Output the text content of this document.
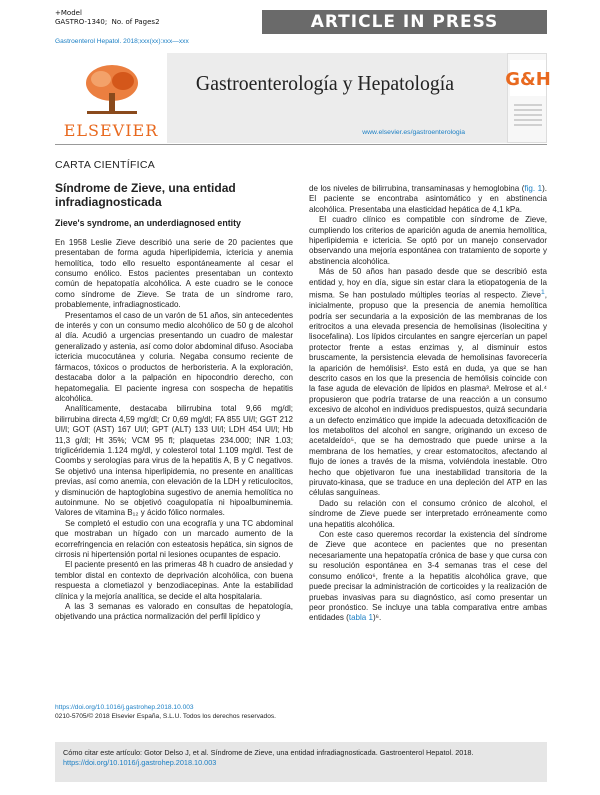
+Model
GASTRO-1340; No. of Pages2	ARTICLE IN PRESS
Gastroenterol Hepatol. 2018;xxx(xx):xxx—xxx
ELSEVIER
Gastroenterología y Hepatología
www.elsevier.es/gastroenterologia
G&H
CARTA CIENTÍFICA
Síndrome de Zieve, una entidad infradiagnosticada
Zieve's syndrome, an underdiagnosed entity

En 1958 Leslie Zieve describió una serie de 20 pacientes que presentaban de forma aguda hiperlipidemia, ictericia y anemia hemolítica, todo ello resuelto espontáneamente al cesar el consumo enólico. Estos pacientes presentaban un contexto común de hepatopatía alcohólica. A este cuadro se le conoce como síndrome de Zieve. Se trata de un síndrome raro, probablemente, infradiagnosticado.

Presentamos el caso de un varón de 51 años, sin antecedentes de interés y con un consumo medio alcohólico de 50 g de alcohol al día. Acudió a urgencias presentando un cuadro de malestar generalizado y astenia, así como dolor abdominal difuso. Asociaba ictericia mucocutánea y coluria. Negaba consumo reciente de fármacos, tóxicos o productos de herboristeria. A la exploración, destacaba dolor a la palpación en hipocondrio derecho, con hepatomegalia. El paciente ingresa con sospecha de hepatitis alcohólica.

Analíticamente, destacaba bilirrubina total 9,66 mg/dl; bilirrubina directa 4,59 mg/dl; Cr 0,69 mg/dl; FA 855 UI/l; GGT 212 UI/l; GOT (AST) 167 UI/l; GPT (ALT) 133 UI/l; LDH 454 UI/l; Hb 11,3 g/dl; Ht 35%; VCM 95 fl; plaquetas 234.000; INR 1.03; triglicéridemia 1.124 mg/dl, y colesterol total 1.109 mg/dl. Test de Coombs y serologías para virus de la hepatitis A, B y C negativos. Se objetivó una intensa hiperlipidemia, no presente en analíticas previas, así como anemia, con elevación de la LDH y reticulocitos, y disminución de haptoglobina sugestivo de anemia hemolítica no autoinmune. No se objetivó coagulopatía ni hipoalbuminemia. Valores de vitamina B₁₂ y ácido fólico normales.

Se completó el estudio con una ecografía y una TC abdominal que mostraban un hígado con un marcado aumento de la ecorrefringencia en relación con esteatosis hepática, sin signos de cirrosis ni hipertensión portal ni lesiones ocupantes de espacio.

El paciente presentó en las primeras 48 h cuadro de ansiedad y temblor distal en contexto de deprivación alcohólica, con buena respuesta a clometiazol y benzodiacepinas. Ante la estabilidad clínica y la mejoría analítica, se decide el alta hospitalaria.

A las 3 semanas es valorado en consultas de hepatología, objetivando una práctica normalización del perfil lipídico y

de los niveles de bilirrubina, transaminasas y hemoglobina (fig. 1). El paciente se encontraba asintomático y en abstinencia alcohólica. Presentaba una elasticidad hepática de 4,1 kPa.

El cuadro clínico es compatible con síndrome de Zieve, cumpliendo los criterios de aparición aguda de anemia hemolítica, hiperlipidemia e ictericia. Se optó por un manejo conservador observando una mejoría espontánea con tratamiento de soporte y abstinencia alcohólica.

Más de 50 años han pasado desde que se describió esta entidad y, hoy en día, sigue sin estar clara la etiopatogenia de la misma. Se han postulado múltiples teorías al respecto. Zieve$^1$, inicialmente, propuso que la presencia de anemia hemolítica podría ser secundaria a la exposición de las membranas de los eritrocitos a una elevada presencia de hemolisinas (lisolecitina y lisocefalina). Los lípidos circulantes en sangre ejercerían un papel protector frente a estas enzimas y, al disminuir estos bruscamente, la persistencia elevada de hemolisinas favorecería la aparición de hemólisis². Esto está en duda, ya que se han descrito casos en los que la presencia de hemólisis coincide con la fase aguda de elevación de lípidos en plasma³. Melrose et al.⁴ propusieron que podría tratarse de una reacción a un consumo excesivo de alcohol en individuos predispuestos, quizá secundaria a un defecto enzimático que impide la adecuada detoxificación de los metabolitos del alcohol en sangre, originando un exceso de acetaldeído⁵, que se ha demostrado que puede unirse a la membrana de los hematíes, y crear estomatocitos, afectando al flujo de iones a través de la misma, volviéndola inestable. Otro hecho que objetivaron fue una inestabilidad transitoria de la piruvato-kinasa, que se traduce en una depleción del ATP en las células sanguíneas.

Dado su relación con el consumo crónico de alcohol, el síndrome de Zieve puede ser interpretado erróneamente como una hepatitis alcohólica.

Con este caso queremos recordar la existencia del síndrome de Zieve que acontece en pacientes que no presentan necesariamente una hepatopatía crónica de base y que cursa con su resolución espontánea en 3-4 semanas tras el cese del consumo enólico⁶, frente a la hepatitis alcohólica grave, que puede precisar la administración de corticoides y la realización de pruebas invasivas para su diagnóstico, así como presentar un peor pronóstico. Se incluye una tabla comparativa entre ambas entidades (tabla 1)⁶.

https://doi.org/10.1016/j.gastrohep.2018.10.003
0210-5705/© 2018 Elsevier España, S.L.U. Todos los derechos reservados.
Cómo citar este artículo: Gotor Delso J, et al. Síndrome de Zieve, una entidad infradiagnosticada. Gastroenterol Hepatol. 2018. https://doi.org/10.1016/j.gastrohep.2018.10.003
